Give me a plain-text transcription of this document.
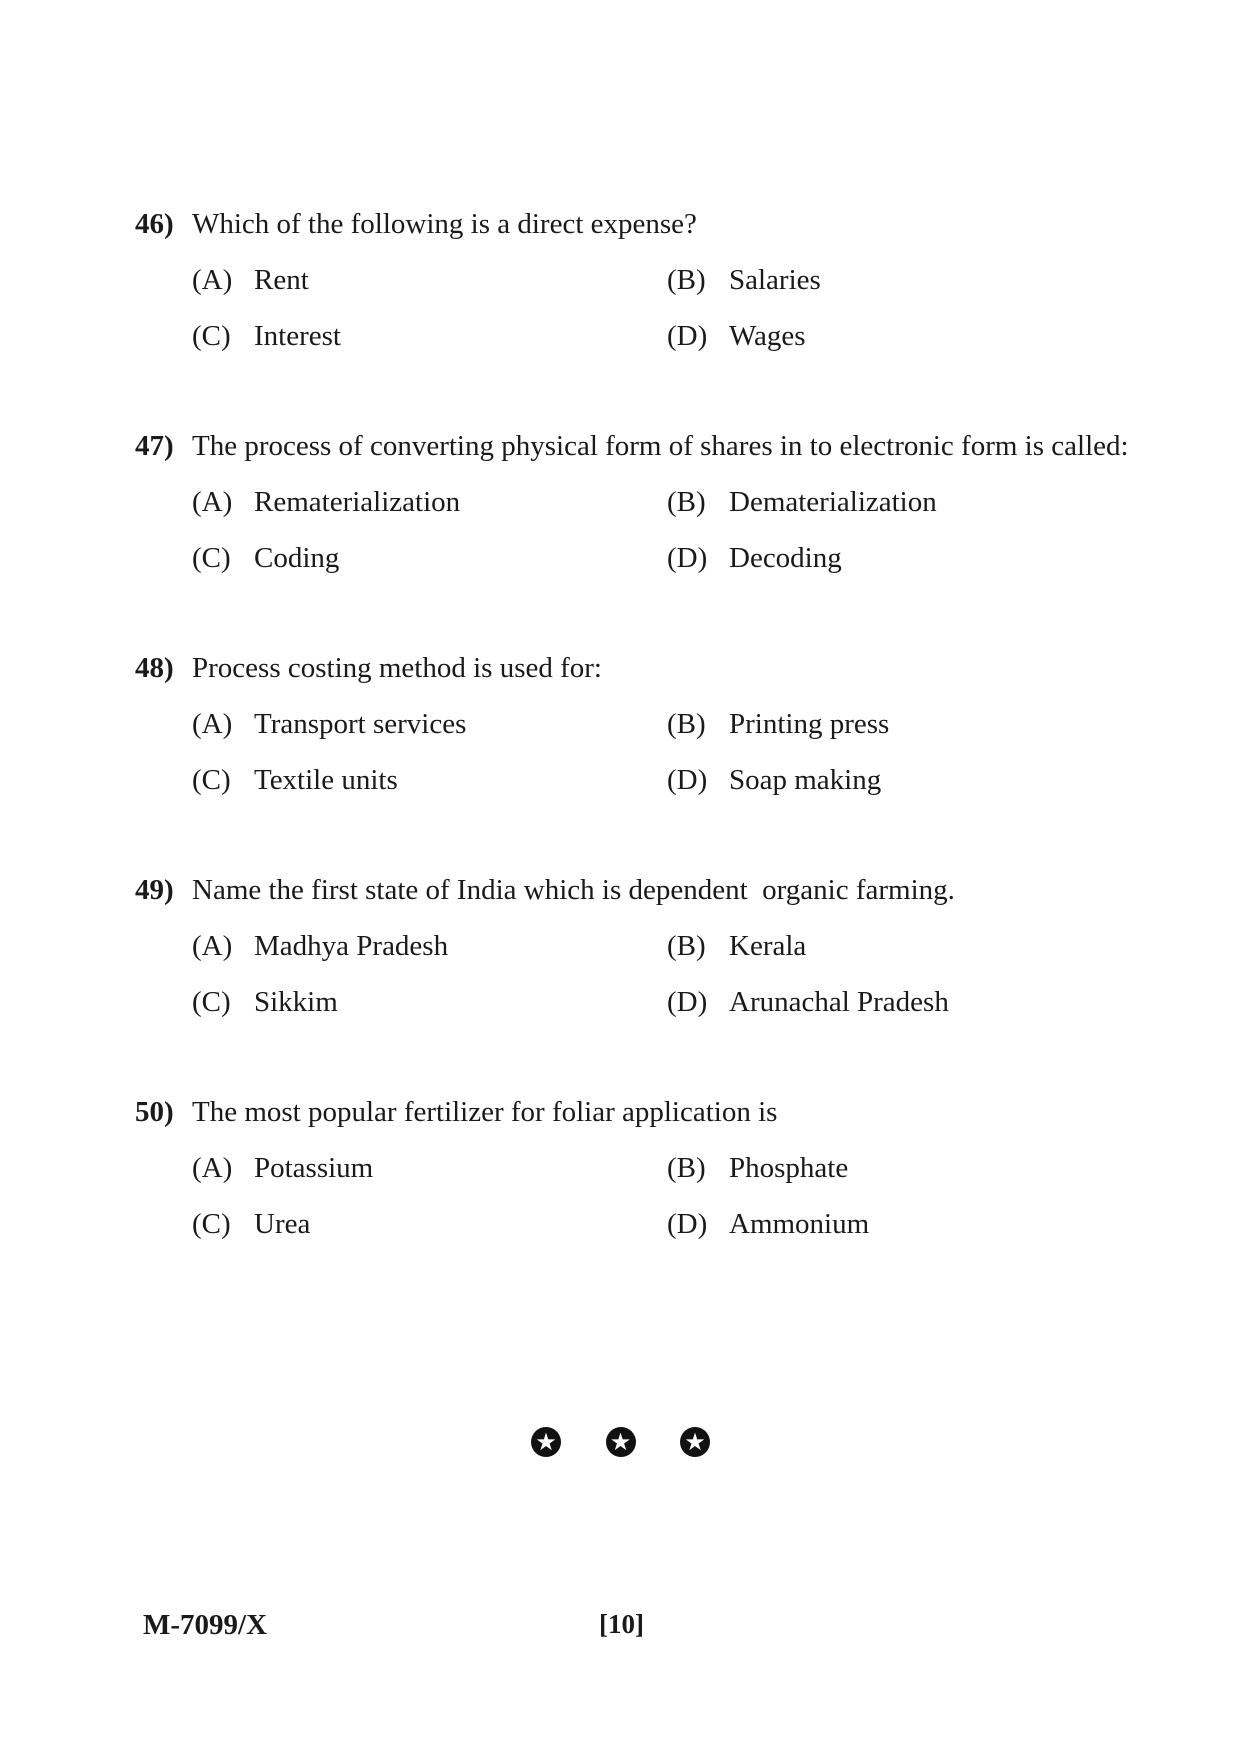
46) Which of the following is a direct expense?
(A) Rent	(B) Salaries
(C) Interest	(D) Wages
47) The process of converting physical form of shares in to electronic form is called:
(A) Rematerialization	(B) Dematerialization
(C) Coding	(D) Decoding
48) Process costing method is used for:
(A) Transport services	(B) Printing press
(C) Textile units	(D) Soap making
49) Name the first state of India which is dependent  organic farming.
(A) Madhya Pradesh	(B) Kerala
(C) Sikkim	(D) Arunachal Pradesh
50) The most popular fertilizer for foliar application is
(A) Potassium	(B) Phosphate
(C) Urea	(D) Ammonium
★ ★ ★
M-7099/X	[10]
